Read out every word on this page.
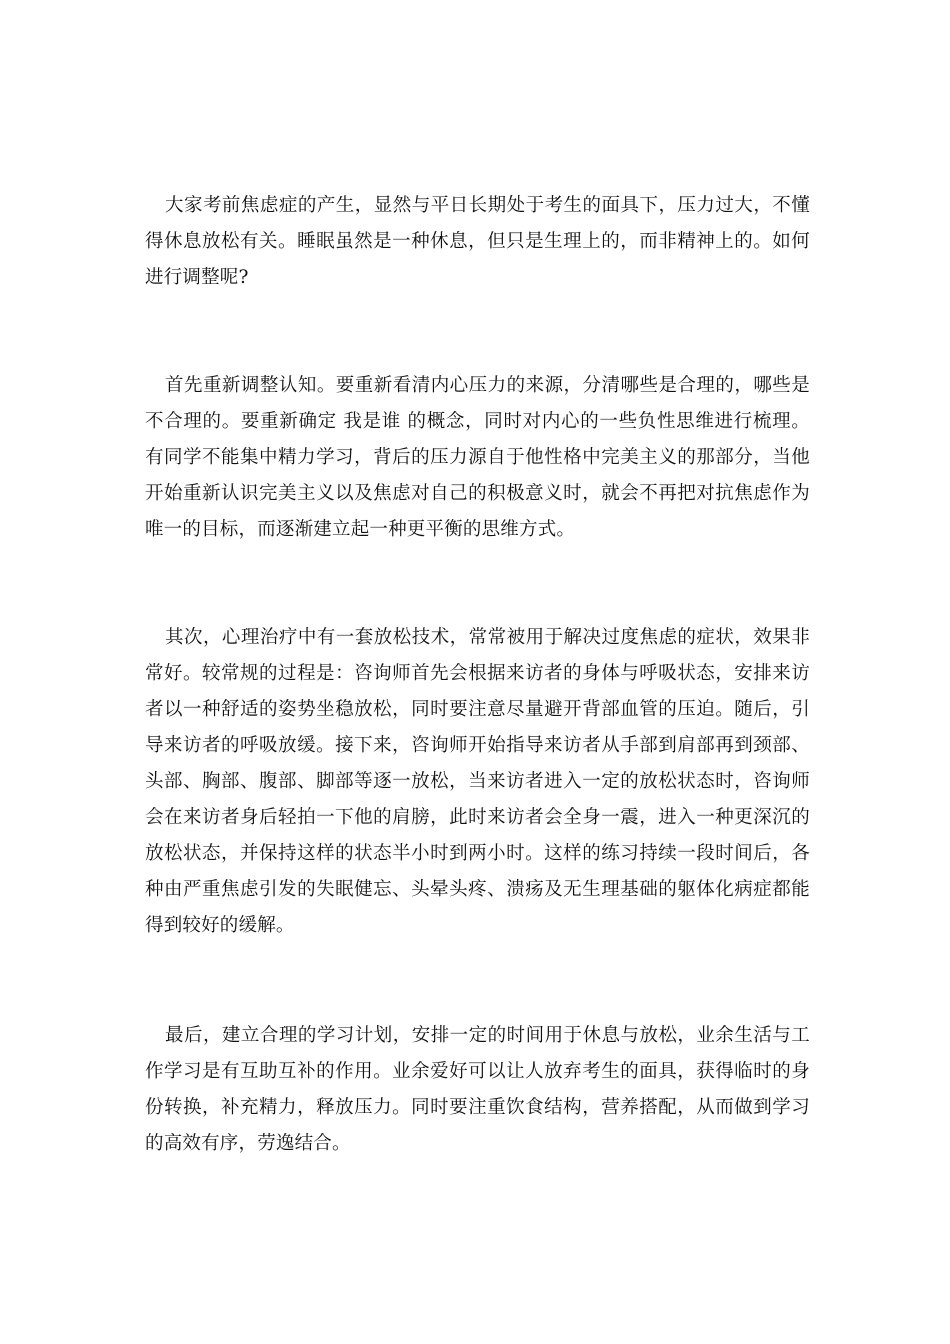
大家考前焦虑症的产生，显然与平日长期处于考生的面具下，压力过大，不懂得休息放松有关。睡眠虽然是一种休息，但只是生理上的，而非精神上的。如何进行调整呢?

首先重新调整认知。要重新看清内心压力的来源，分清哪些是合理的，哪些是不合理的。要重新确定 我是谁 的概念，同时对内心的一些负性思维进行梳理。有同学不能集中精力学习，背后的压力源自于他性格中完美主义的那部分，当他开始重新认识完美主义以及焦虑对自己的积极意义时，就会不再把对抗焦虑作为唯一的目标，而逐渐建立起一种更平衡的思维方式。

其次，心理治疗中有一套放松技术，常常被用于解决过度焦虑的症状，效果非常好。较常规的过程是：咨询师首先会根据来访者的身体与呼吸状态，安排来访者以一种舒适的姿势坐稳放松，同时要注意尽量避开背部血管的压迫。随后，引导来访者的呼吸放缓。接下来，咨询师开始指导来访者从手部到肩部再到颈部、头部、胸部、腹部、脚部等逐一放松，当来访者进入一定的放松状态时，咨询师会在来访者身后轻拍一下他的肩膀，此时来访者会全身一震，进入一种更深沉的放松状态，并保持这样的状态半小时到两小时。这样的练习持续一段时间后，各种由严重焦虑引发的失眠健忘、头晕头疼、溃疡及无生理基础的躯体化病症都能得到较好的缓解。

最后，建立合理的学习计划，安排一定的时间用于休息与放松，业余生活与工作学习是有互助互补的作用。业余爱好可以让人放弃考生的面具，获得临时的身份转换，补充精力，释放压力。同时要注重饮食结构，营养搭配，从而做到学习的高效有序，劳逸结合。
